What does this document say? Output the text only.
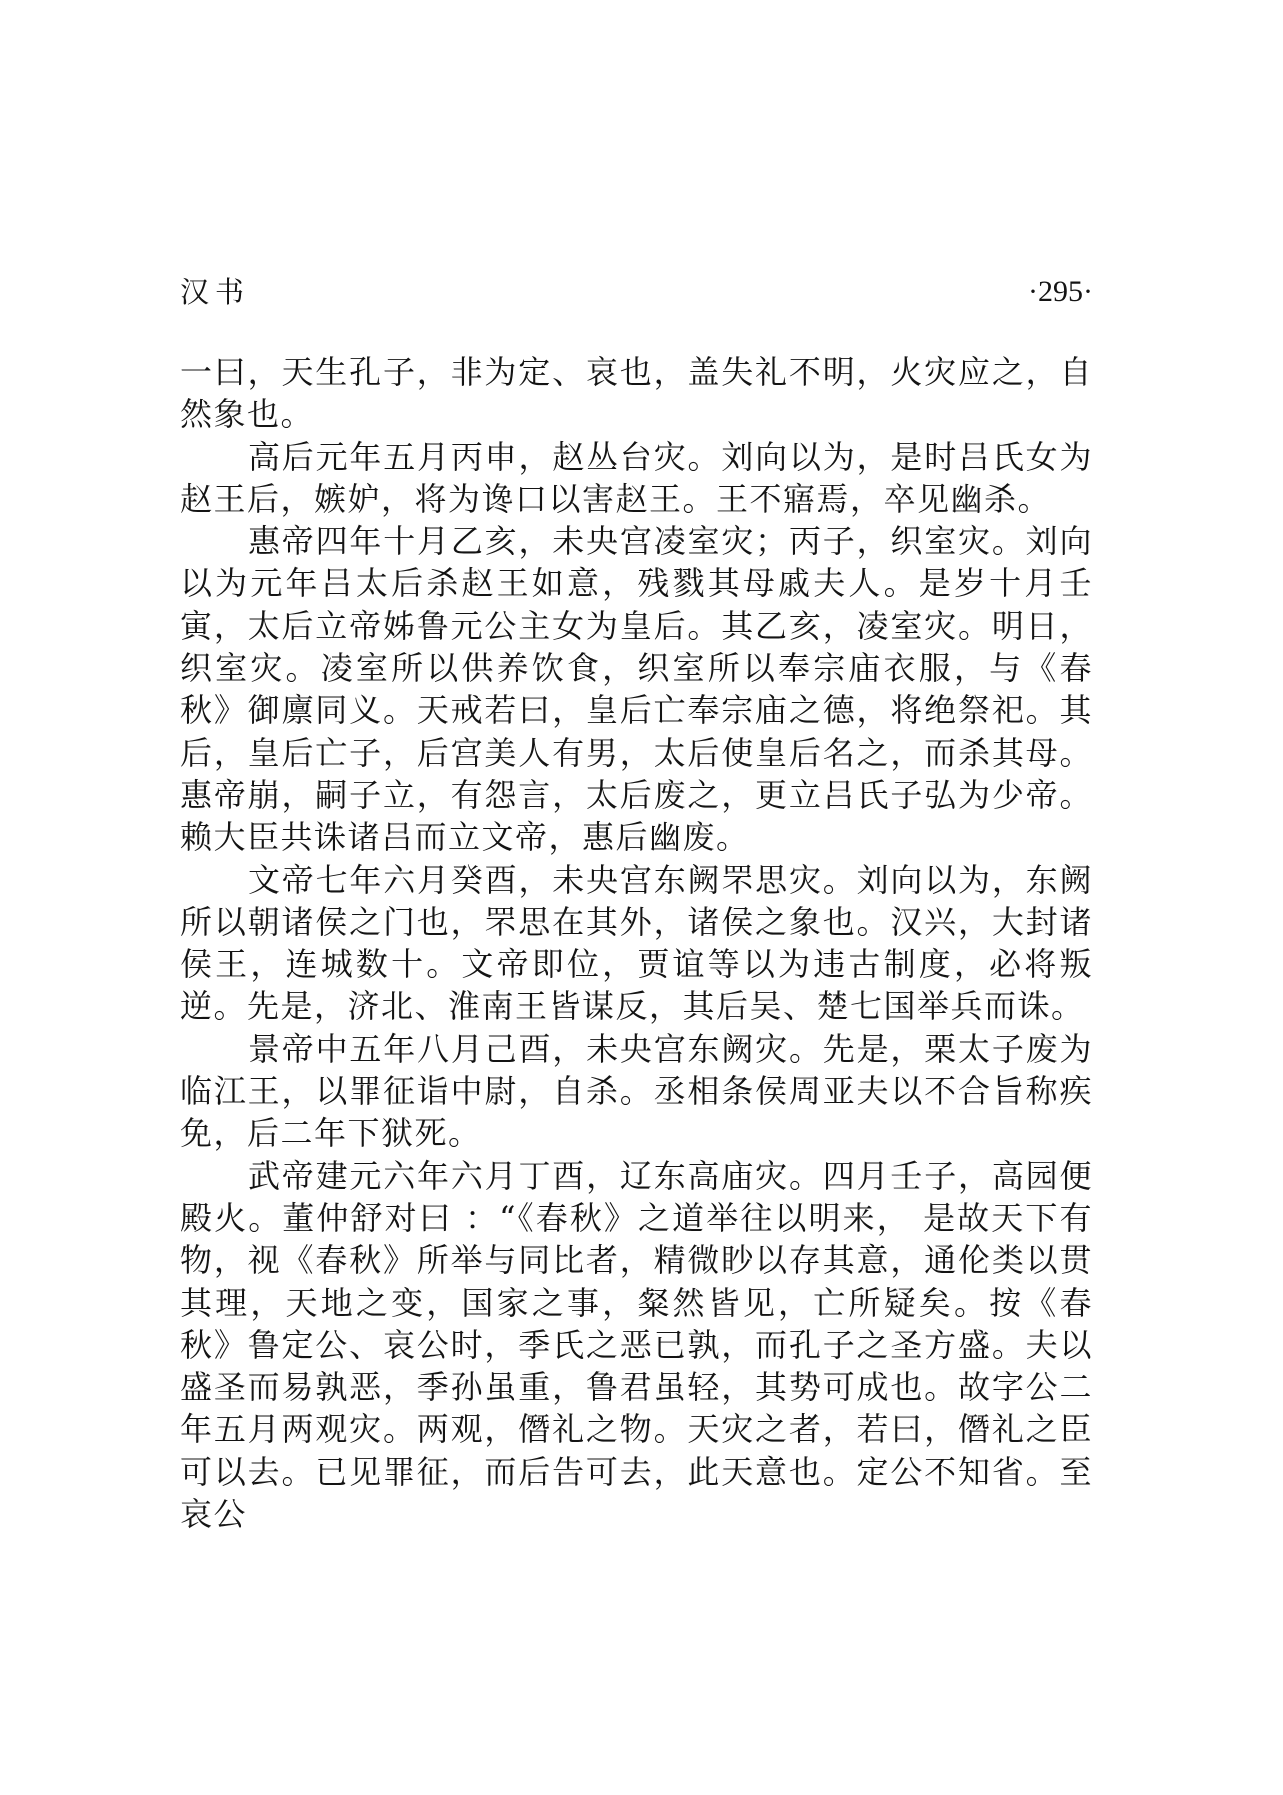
汉书	·295·

一曰，天生孔子，非为定、哀也，盖失礼不明，火灾应之，自然象也。

高后元年五月丙申，赵丛台灾。刘向以为，是时吕氏女为赵王后，嫉妒，将为谗口以害赵王。王不寤焉，卒见幽杀。

惠帝四年十月乙亥，未央宫凌室灾；丙子，织室灾。刘向以为元年吕太后杀赵王如意，残戮其母戚夫人。是岁十月壬寅，太后立帝姊鲁元公主女为皇后。其乙亥，凌室灾。明日，织室灾。凌室所以供养饮食，织室所以奉宗庙衣服，与《春秋》御廪同义。天戒若曰，皇后亡奉宗庙之德，将绝祭祀。其后，皇后亡子，后宫美人有男，太后使皇后名之，而杀其母。惠帝崩，嗣子立，有怨言，太后废之，更立吕氏子弘为少帝。赖大臣共诛诸吕而立文帝，惠后幽废。

文帝七年六月癸酉，未央宫东阙罘思灾。刘向以为，东阙所以朝诸侯之门也，罘思在其外，诸侯之象也。汉兴，大封诸侯王，连城数十。文帝即位，贾谊等以为违古制度，必将叛逆。先是，济北、淮南王皆谋反，其后吴、楚七国举兵而诛。

景帝中五年八月己酉，未央宫东阙灾。先是，栗太子废为临江王，以罪征诣中尉，自杀。丞相条侯周亚夫以不合旨称疾免，后二年下狱死。

武帝建元六年六月丁酉，辽东高庙灾。四月壬子，高园便殿火。董仲舒对曰 ：“《春秋》之道举往以明来， 是故天下有物，视《春秋》所举与同比者，精微眇以存其意，通伦类以贯其理，天地之变，国家之事，粲然皆见，亡所疑矣。按《春秋》鲁定公、哀公时，季氏之恶已孰，而孔子之圣方盛。夫以盛圣而易孰恶，季孙虽重，鲁君虽轻，其势可成也。故字公二年五月两观灾。两观，僭礼之物。天灾之者，若曰，僭礼之臣可以去。已见罪征，而后告可去，此天意也。定公不知省。至哀公
